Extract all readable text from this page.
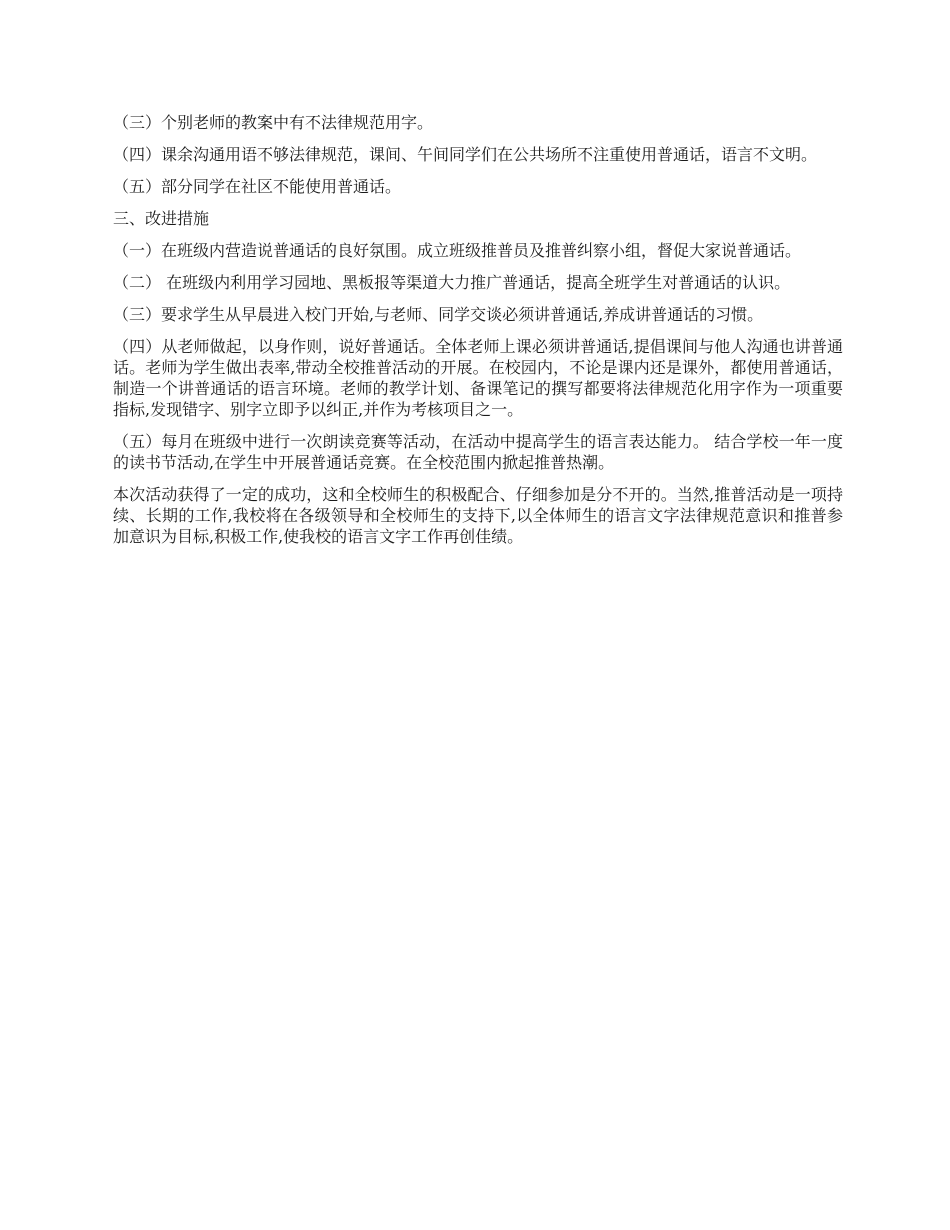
（三）个别老师的教案中有不法律规范用字。

（四）课余沟通用语不够法律规范，课间、午间同学们在公共场所不注重使用普通话，语言不文明。

（五）部分同学在社区不能使用普通话。

三、改进措施

（一）在班级内营造说普通话的良好氛围。成立班级推普员及推普纠察小组，督促大家说普通话。

（二） 在班级内利用学习园地、黑板报等渠道大力推广普通话，提高全班学生对普通话的认识。

（三）要求学生从早晨进入校门开始,与老师、同学交谈必须讲普通话,养成讲普通话的习惯。

（四）从老师做起，以身作则，说好普通话。全体老师上课必须讲普通话,提倡课间与他人沟通也讲普通话。老师为学生做出表率,带动全校推普活动的开展。在校园内，不论是课内还是课外，都使用普通话，制造一个讲普通话的语言环境。老师的教学计划、备课笔记的撰写都要将法律规范化用字作为一项重要指标,发现错字、别字立即予以纠正,并作为考核项目之一。

（五）每月在班级中进行一次朗读竞赛等活动，在活动中提高学生的语言表达能力。 结合学校一年一度的读书节活动,在学生中开展普通话竞赛。在全校范围内掀起推普热潮。

本次活动获得了一定的成功，这和全校师生的积极配合、仔细参加是分不开的。当然,推普活动是一项持续、长期的工作,我校将在各级领导和全校师生的支持下,以全体师生的语言文字法律规范意识和推普参加意识为目标,积极工作,使我校的语言文字工作再创佳绩。
